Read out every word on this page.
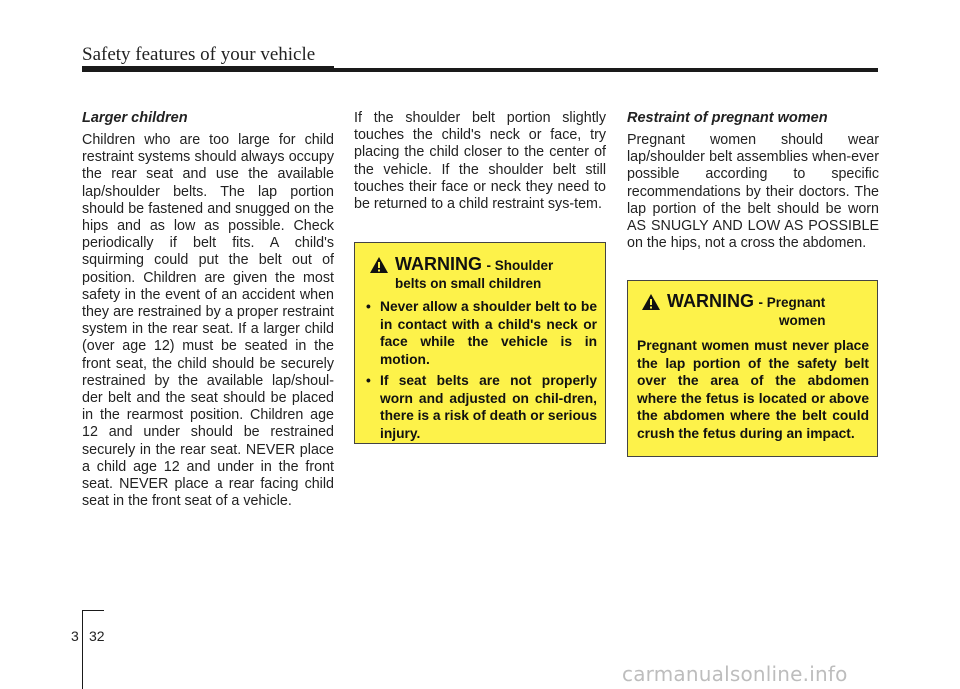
Safety features of your vehicle

Larger children

Children who are too large for child restraint systems should always occupy the rear seat and use the available lap/shoulder belts. The lap portion should be fastened and snugged on the hips and as low as possible. Check periodically if belt fits. A child's squirming could put the belt out of position. Children are given the most safety in the event of an accident when they are restrained by a proper restraint system in the rear seat. If a larger child (over age 12) must be seated in the front seat, the child should be securely restrained by the available lap/shoul-der belt and the seat should be placed in the rearmost position. Children age 12 and under should be restrained securely in the rear seat. NEVER place a child age 12 and under in the front seat. NEVER place a rear facing child seat in the front seat of a vehicle.

If the shoulder belt portion slightly touches the child's neck or face, try placing the child closer to the center of the vehicle. If the shoulder belt still touches their face or neck they need to be returned to a child restraint sys-tem.

WARNING - Shoulder
belts on small children
• Never allow a shoulder belt to be in contact with a child's neck or face while the vehicle is in motion.
• If seat belts are not properly worn and adjusted on chil-dren, there is a risk of death or serious injury.

Restraint of pregnant women

Pregnant women should wear lap/shoulder belt assemblies when-ever possible according to specific recommendations by their doctors. The lap portion of the belt should be worn AS SNUGLY AND LOW AS POSSIBLE on the hips, not a cross the abdomen.

WARNING - Pregnant
women

Pregnant women must never place the lap portion of the safety belt over the area of the abdomen where the fetus is located or above the abdomen where the belt could crush the fetus during an impact.

3 32
carmanualsonline.info
